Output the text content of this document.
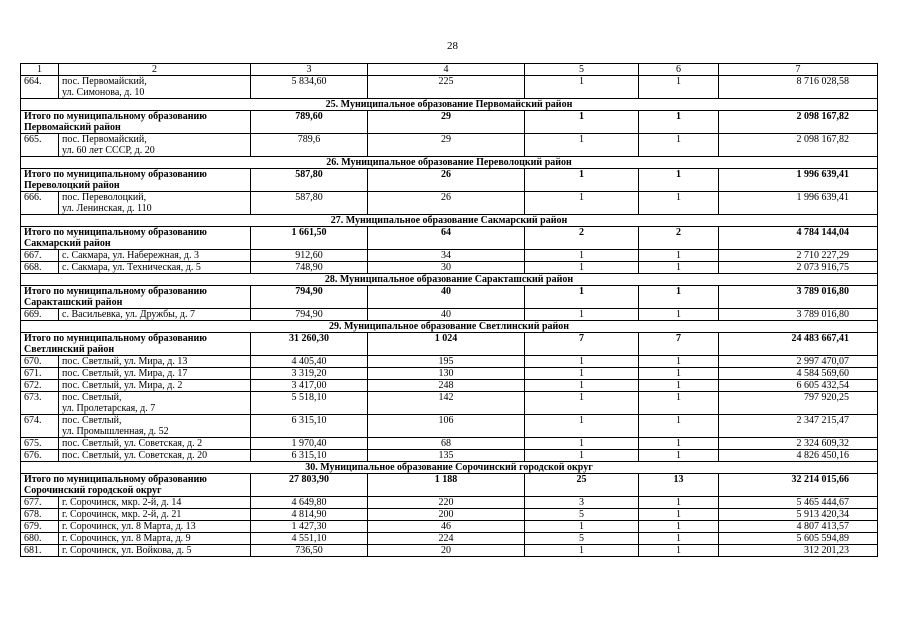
28
1	2	3	4	5	6	7
664.	пос. Первомайский,
ул. Симонова, д. 10	5 834,60	225	1	1	8 716 028,58
25. Муниципальное образование Первомайский район						
Итого по муниципальному образованию
Первомайский район		789,60	29	1	1	2 098 167,82
665.	пос. Первомайский,
ул. 60 лет СССР, д. 20	789,6	29	1	1	2 098 167,82
26. Муниципальное образование Переволоцкий район						
Итого по муниципальному образованию
Переволоцкий район		587,80	26	1	1	1 996 639,41
666.	пос. Переволоцкий,
ул. Ленинская, д. 110	587,80	26	1	1	1 996 639,41
27. Муниципальное образование Сакмарский район						
Итого по муниципальному образованию
Сакмарский район		1 661,50	64	2	2	4 784 144,04
667.	с. Сакмара, ул. Набережная, д. 3	912,60	34	1	1	2 710 227,29
668.	с. Сакмара, ул. Техническая, д. 5	748,90	30	1	1	2 073 916,75
28. Муниципальное образование Саракташский район						
Итого по муниципальному образованию
Саракташский район		794,90	40	1	1	3 789 016,80
669.	с. Васильевка, ул. Дружбы, д. 7	794,90	40	1	1	3 789 016,80
29. Муниципальное образование Светлинский район						
Итого по муниципальному образованию
Светлинский район		31 260,30	1 024	7	7	24 483 667,41
670.	пос. Светлый, ул. Мира, д. 13	4 405,40	195	1	1	2 997 470,07
671.	пос. Светлый, ул. Мира, д. 17	3 319,20	130	1	1	4 584 569,60
672.	пос. Светлый, ул. Мира, д. 2	3 417,00	248	1	1	6 605 432,54
673.	пос. Светлый,
ул. Пролетарская, д. 7	5 518,10	142	1	1	797 920,25
674.	пос. Светлый,
ул. Промышленная, д. 52	6 315,10	106	1	1	2 347 215,47
675.	пос. Светлый, ул. Советская, д. 2	1 970,40	68	1	1	2 324 609,32
676.	пос. Светлый, ул. Советская, д. 20	6 315,10	135	1	1	4 826 450,16
30. Муниципальное образование Сорочинский городской округ						
Итого по муниципальному образованию
Сорочинский городской округ		27 803,90	1 188	25	13	32 214 015,66
677.	г. Сорочинск, мкр. 2-й, д. 14	4 649,80	220	3	1	5 465 444,67
678.	г. Сорочинск, мкр. 2-й, д. 21	4 814,90	200	5	1	5 913 420,34
679.	г. Сорочинск, ул. 8 Марта, д. 13	1 427,30	46	1	1	4 807 413,57
680.	г. Сорочинск, ул. 8 Марта, д. 9	4 551,10	224	5	1	5 605 594,89
681.	г. Сорочинск, ул. Войкова, д. 5	736,50	20	1	1	312 201,23
